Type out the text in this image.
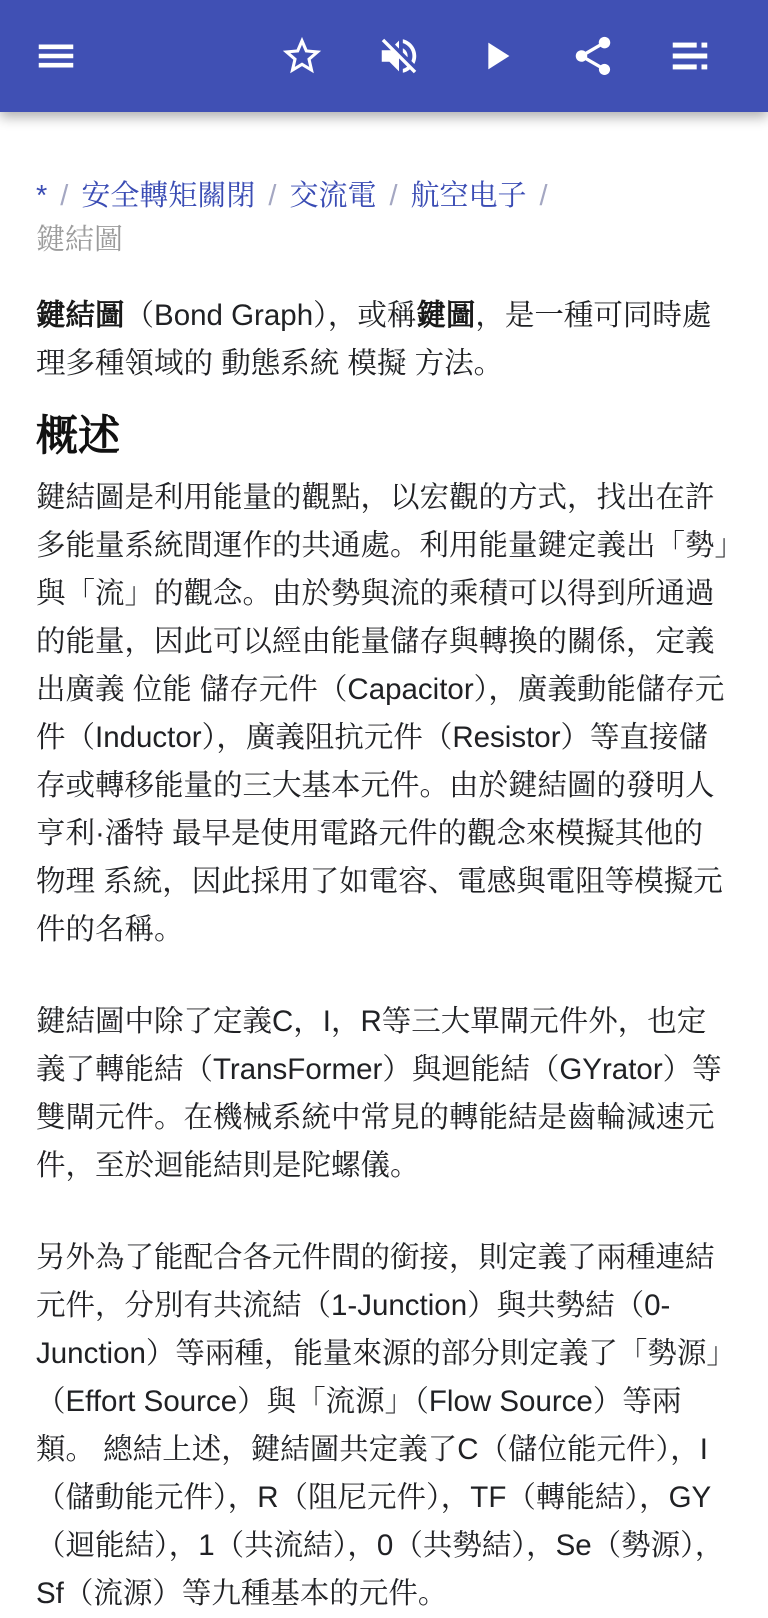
* / 安全轉矩關閉 / 交流電 / 航空电子 /
鍵結圖

鍵結圖（Bond Graph），或稱鍵圖，是一種可同時處理多種領域的 動態系統 模擬 方法。

概述

鍵結圖是利用能量的觀點，以宏觀的方式，找出在許多能量系統間運作的共通處。利用能量鍵定義出「勢」與「流」的觀念。由於勢與流的乘積可以得到所通過的能量，因此可以經由能量儲存與轉換的關係，定義出廣義 位能 儲存元件（Capacitor），廣義動能儲存元件（Inductor），廣義阻抗元件（Resistor）等直接儲存或轉移能量的三大基本元件。由於鍵結圖的發明人 亨利·潘特 最早是使用電路元件的觀念來模擬其他的 物理 系統，因此採用了如電容、電感與電阻等模擬元件的名稱。

鍵結圖中除了定義C，I，R等三大單閘元件外，也定義了轉能結（TransFormer）與迴能結（GYrator）等雙閘元件。在機械系統中常見的轉能結是齒輪減速元件，至於迴能結則是陀螺儀。

另外為了能配合各元件間的銜接，則定義了兩種連結元件，分別有共流結（1-Junction）與共勢結（0-Junction）等兩種，能量來源的部分則定義了「勢源」（Effort Source）與「流源」（Flow Source）等兩類。 總結上述，鍵結圖共定義了C（儲位能元件），I（儲動能元件），R（阻尼元件），TF（轉能結），GY（迴能結），1（共流結），0（共勢結），Se（勢源），Sf（流源）等九種基本的元件。
